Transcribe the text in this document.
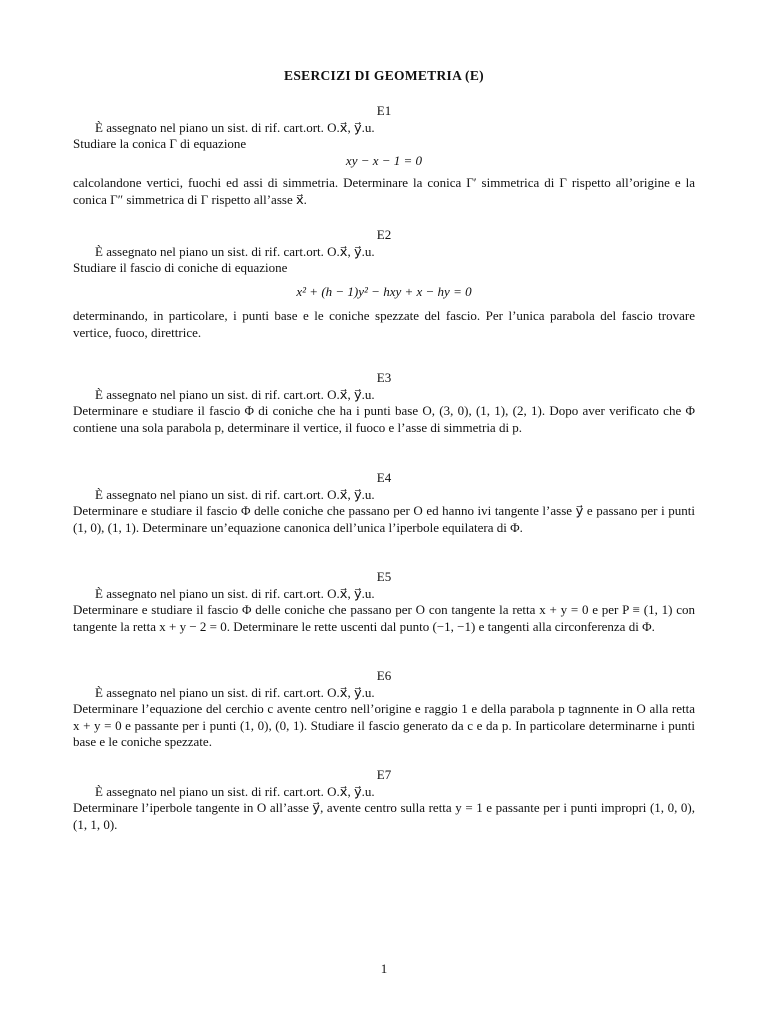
ESERCIZI DI GEOMETRIA (E)
E1
È assegnato nel piano un sist. di rif. cart.ort. O.x⃗, y⃗.u.
Studiare la conica Γ di equazione
xy − x − 1 = 0
calcolandone vertici, fuochi ed assi di simmetria. Determinare la conica Γ′ simmetrica di Γ rispetto all’origine e la conica Γ″ simmetrica di Γ rispetto all’asse x⃗.
E2
È assegnato nel piano un sist. di rif. cart.ort. O.x⃗, y⃗.u.
Studiare il fascio di coniche di equazione
x² + (h − 1)y² − hxy + x − hy = 0
determinando, in particolare, i punti base e le coniche spezzate del fascio. Per l’unica parabola del fascio trovare vertice, fuoco, direttrice.
E3
È assegnato nel piano un sist. di rif. cart.ort. O.x⃗, y⃗.u.
Determinare e studiare il fascio Φ di coniche che ha i punti base O, (3, 0), (1, 1), (2, 1). Dopo aver verificato che Φ contiene una sola parabola p, determinare il vertice, il fuoco e l’asse di simmetria di p.
E4
È assegnato nel piano un sist. di rif. cart.ort. O.x⃗, y⃗.u.
Determinare e studiare il fascio Φ delle coniche che passano per O ed hanno ivi tangente l’asse y⃗ e passano per i punti (1, 0), (1, 1). Determinare un’equazione canonica dell’unica l’iperbole equilatera di Φ.
E5
È assegnato nel piano un sist. di rif. cart.ort. O.x⃗, y⃗.u.
Determinare e studiare il fascio Φ delle coniche che passano per O con tangente la retta x + y = 0 e per P ≡ (1, 1) con tangente la retta x + y − 2 = 0. Determinare le rette uscenti dal punto (−1, −1) e tangenti alla circonferenza di Φ.
E6
È assegnato nel piano un sist. di rif. cart.ort. O.x⃗, y⃗.u.
Determinare l’equazione del cerchio c avente centro nell’origine e raggio 1 e della parabola p tagnnente in O alla retta x + y = 0 e passante per i punti (1, 0), (0, 1). Studiare il fascio generato da c e da p. In particolare determinarne i punti base e le coniche spezzate.
E7
È assegnato nel piano un sist. di rif. cart.ort. O.x⃗, y⃗.u.
Determinare l’iperbole tangente in O all’asse y⃗, avente centro sulla retta y = 1 e passante per i punti impropri (1, 0, 0), (1, 1, 0).
1
